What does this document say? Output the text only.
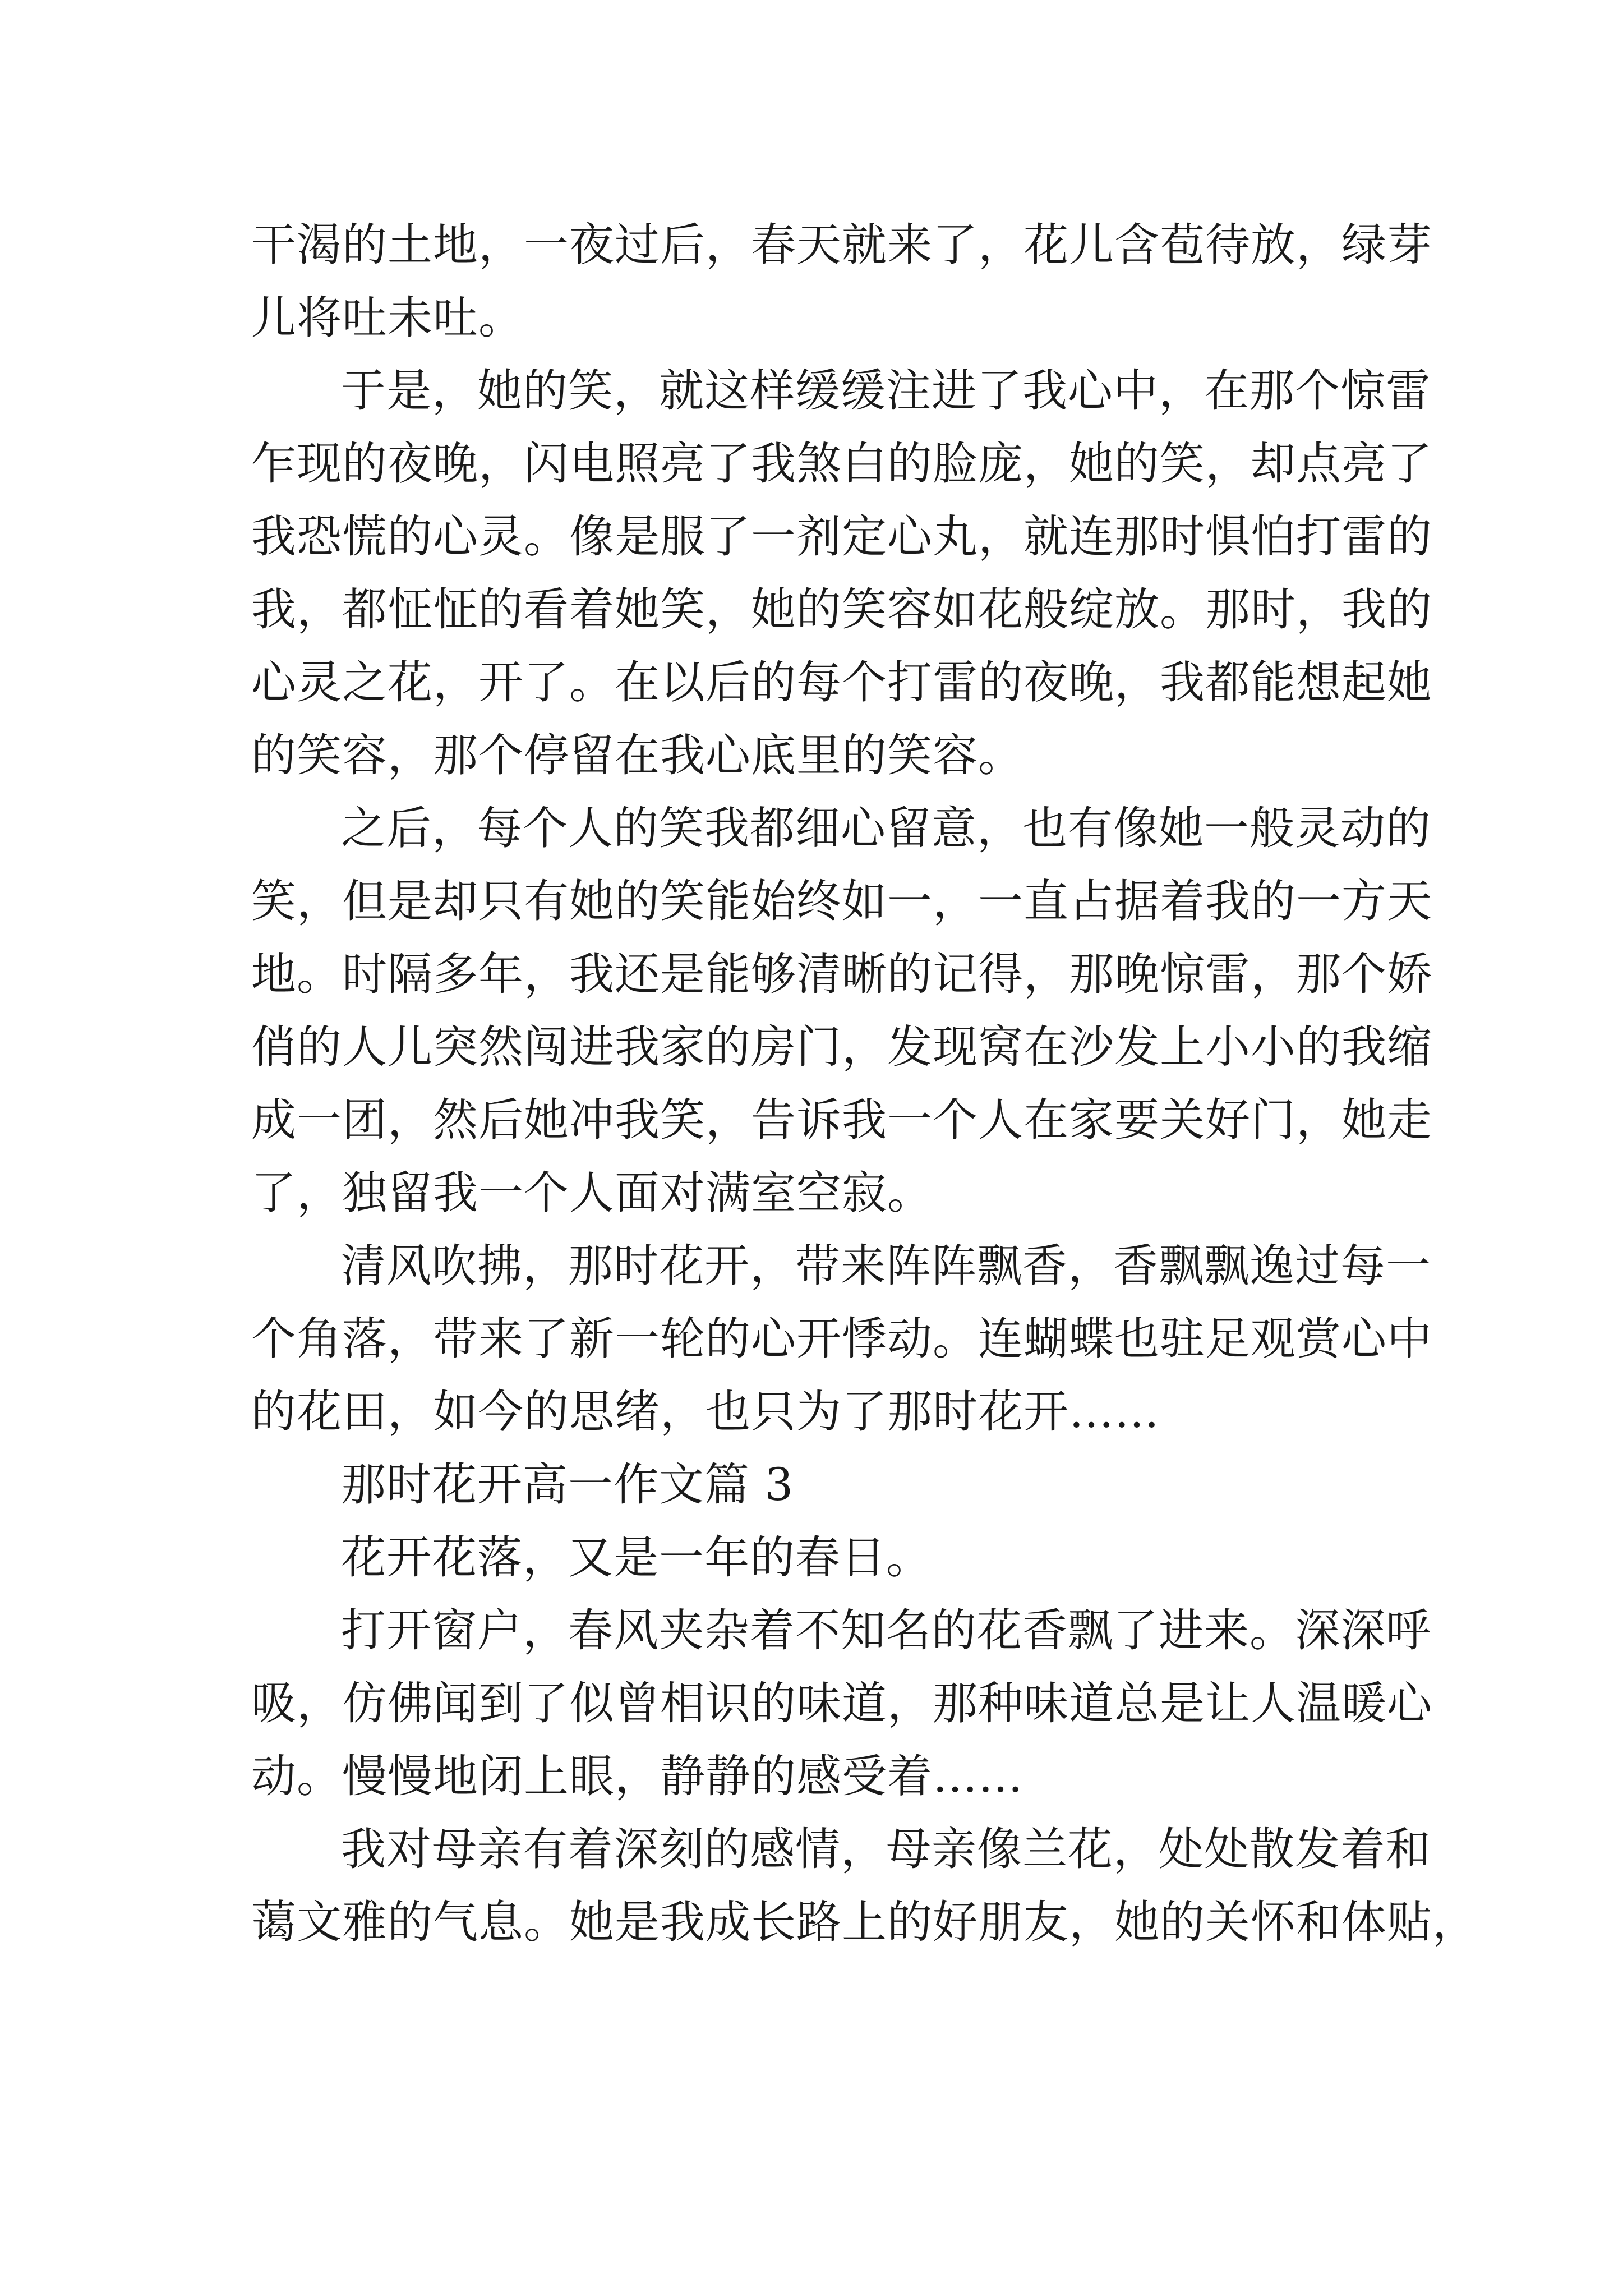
干渴的土地，一夜过后，春天就来了，花儿含苞待放，绿芽
儿将吐未吐。
于是，她的笑，就这样缓缓注进了我心中，在那个惊雷
乍现的夜晚，闪电照亮了我煞白的脸庞，她的笑，却点亮了
我恐慌的心灵。像是服了一剂定心丸，就连那时惧怕打雷的
我，都怔怔的看着她笑，她的笑容如花般绽放。那时，我的
心灵之花，开了。在以后的每个打雷的夜晚，我都能想起她
的笑容，那个停留在我心底里的笑容。
之后，每个人的笑我都细心留意，也有像她一般灵动的
笑，但是却只有她的笑能始终如一，一直占据着我的一方天
地。时隔多年，我还是能够清晰的记得，那晚惊雷，那个娇
俏的人儿突然闯进我家的房门，发现窝在沙发上小小的我缩
成一团，然后她冲我笑，告诉我一个人在家要关好门，她走
了，独留我一个人面对满室空寂。
清风吹拂，那时花开，带来阵阵飘香，香飘飘逸过每一
个角落，带来了新一轮的心开悸动。连蝴蝶也驻足观赏心中
的花田，如今的思绪，也只为了那时花开……
那时花开高一作文篇 3
花开花落，又是一年的春日。
打开窗户，春风夹杂着不知名的花香飘了进来。深深呼
吸，仿佛闻到了似曾相识的味道，那种味道总是让人温暖心
动。慢慢地闭上眼，静静的感受着……
我对母亲有着深刻的感情，母亲像兰花，处处散发着和
蔼文雅的气息。她是我成长路上的好朋友，她的关怀和体贴，
